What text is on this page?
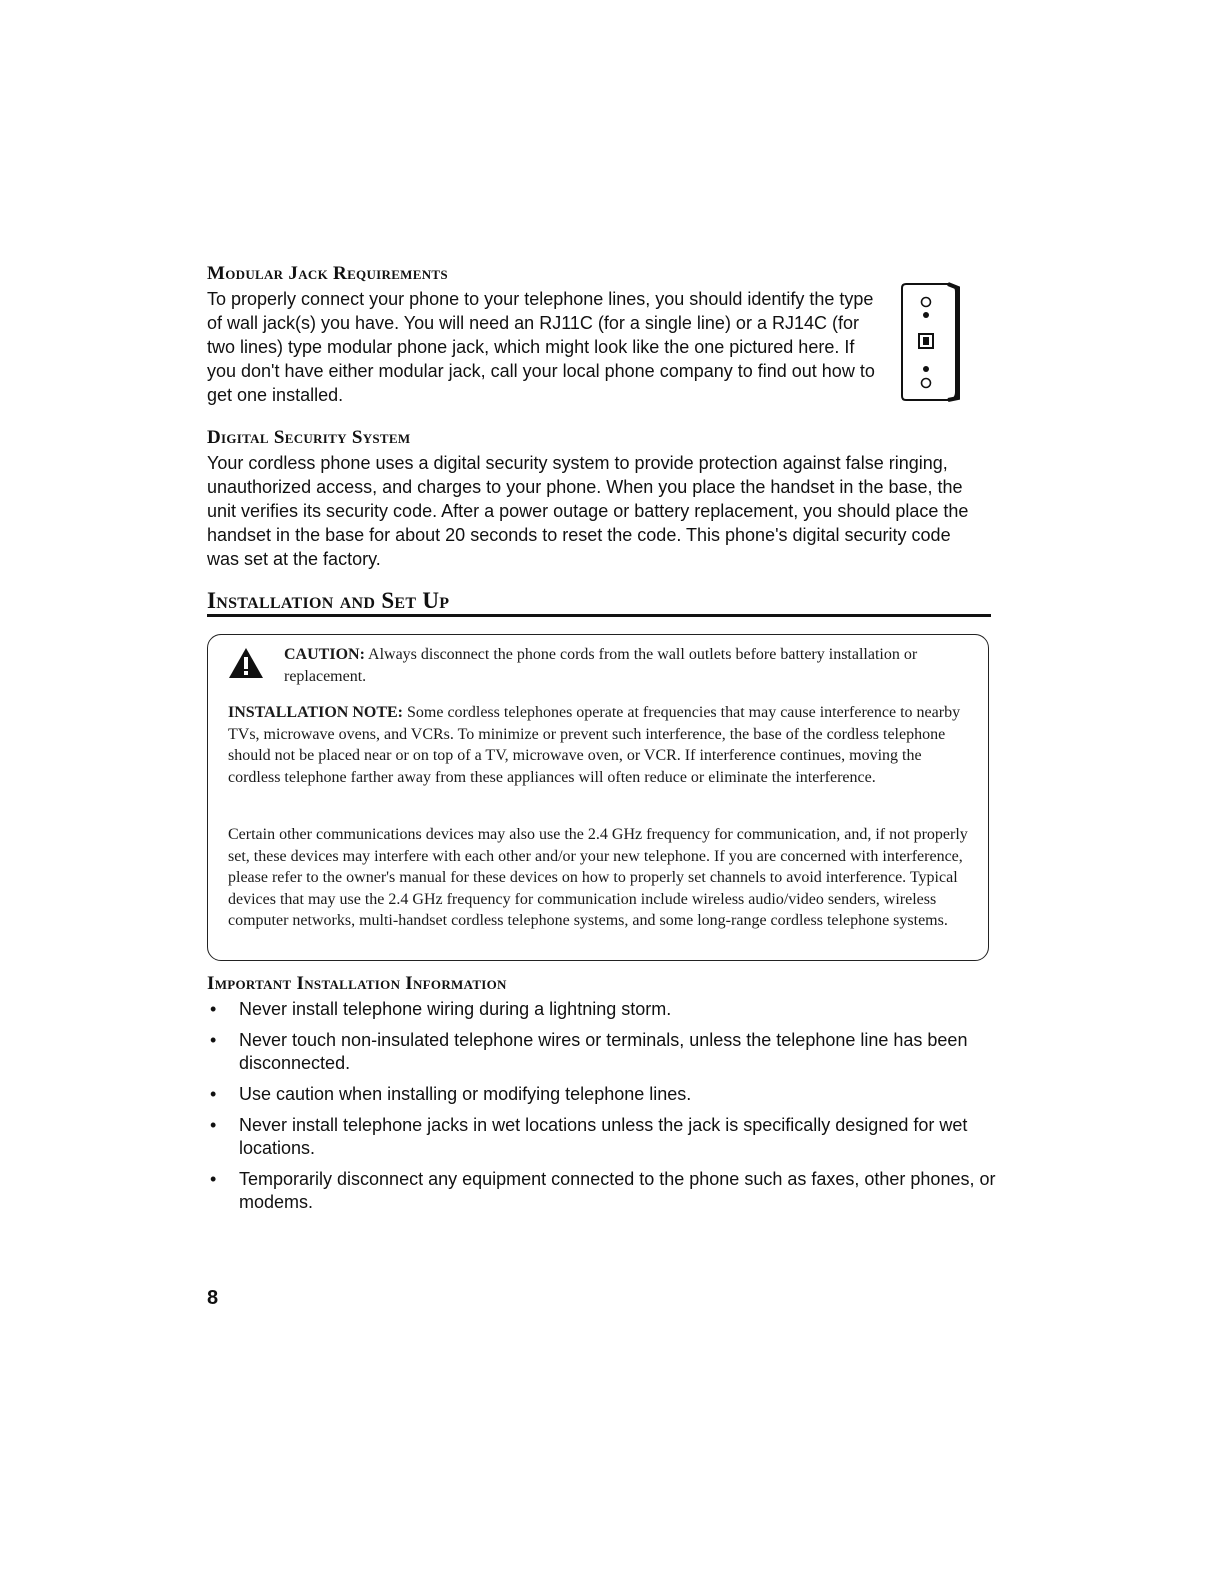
Modular Jack Requirements
To properly connect your phone to your telephone lines, you should identify the type of wall jack(s) you have. You will need an RJ11C (for a single line) or a RJ14C (for two lines) type modular phone jack, which might look like the one pictured here. If you don't have either modular jack, call your local phone company to find out how to get one installed.
Digital Security System
Your cordless phone uses a digital security system to provide protection against false ringing, unauthorized access, and charges to your phone. When you place the handset in the base, the unit verifies its security code. After a power outage or battery replacement, you should place the handset in the base for about 20 seconds to reset the code. This phone's digital security code was set at the factory.
Installation and Set Up
CAUTION: Always disconnect the phone cords from the wall outlets before battery installation or replacement.
INSTALLATION NOTE: Some cordless telephones operate at frequencies that may cause interference to nearby TVs, microwave ovens, and VCRs. To minimize or prevent such interference, the base of the cordless telephone should not be placed near or on top of a TV, microwave oven, or VCR. If interference continues, moving the cordless telephone farther away from these appliances will often reduce or eliminate the interference.
Certain other communications devices may also use the 2.4 GHz frequency for communication, and, if not properly set, these devices may interfere with each other and/or your new telephone. If you are concerned with interference, please refer to the owner's manual for these devices on how to properly set channels to avoid interference. Typical devices that may use the 2.4 GHz frequency for communication include wireless audio/video senders, wireless computer networks, multi-handset cordless telephone systems, and some long-range cordless telephone systems.
Important Installation Information
• Never install telephone wiring during a lightning storm.
• Never touch non-insulated telephone wires or terminals, unless the telephone line has been disconnected.
• Use caution when installing or modifying telephone lines.
• Never install telephone jacks in wet locations unless the jack is specifically designed for wet locations.
• Temporarily disconnect any equipment connected to the phone such as faxes, other phones, or modems.
8
